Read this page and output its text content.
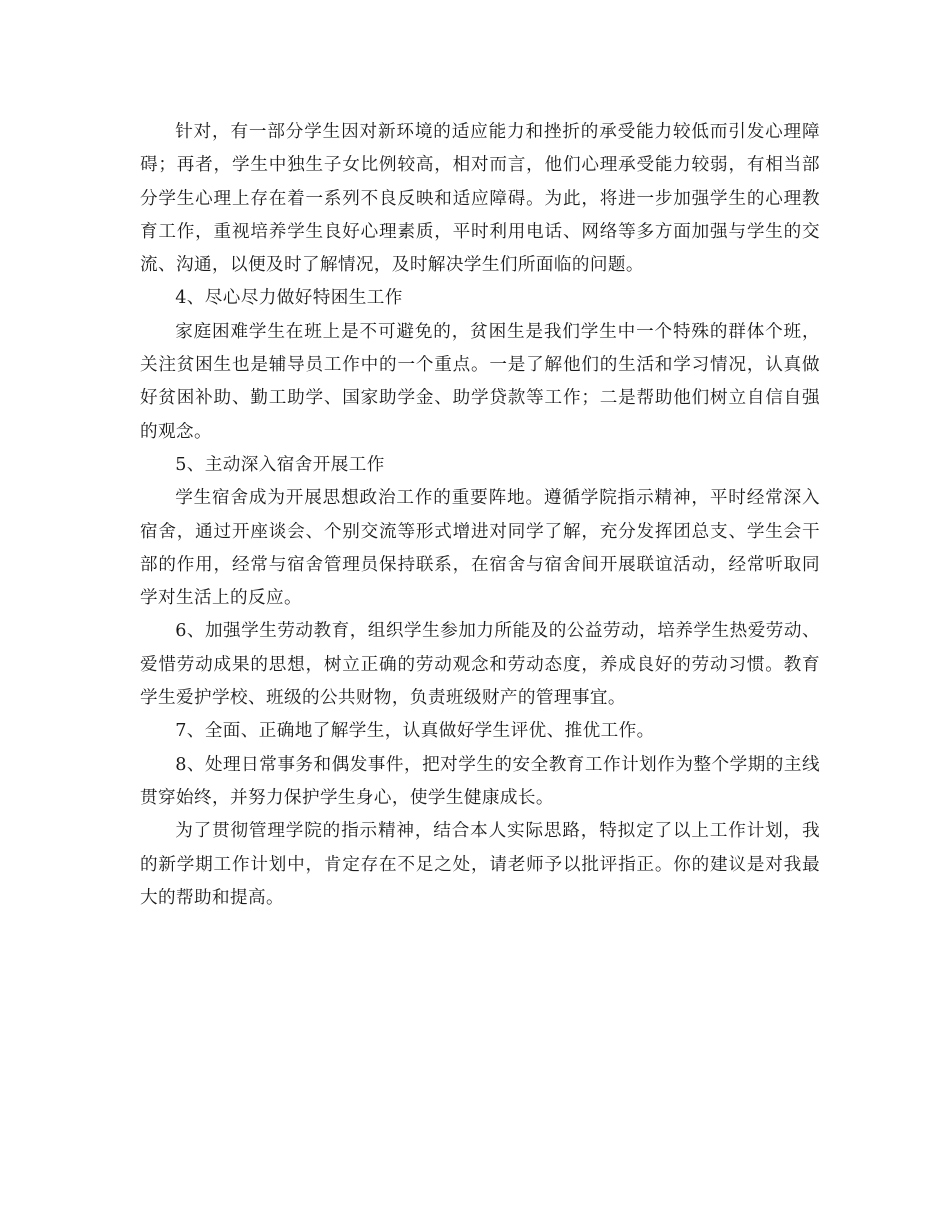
针对，有一部分学生因对新环境的适应能力和挫折的承受能力较低而引发心理障碍；再者，学生中独生子女比例较高，相对而言，他们心理承受能力较弱，有相当部分学生心理上存在着一系列不良反映和适应障碍。为此，将进一步加强学生的心理教育工作，重视培养学生良好心理素质，平时利用电话、网络等多方面加强与学生的交流、沟通，以便及时了解情况，及时解决学生们所面临的问题。

4、尽心尽力做好特困生工作

家庭困难学生在班上是不可避免的，贫困生是我们学生中一个特殊的群体个班，关注贫困生也是辅导员工作中的一个重点。一是了解他们的生活和学习情况，认真做好贫困补助、勤工助学、国家助学金、助学贷款等工作；二是帮助他们树立自信自强的观念。

5、主动深入宿舍开展工作

学生宿舍成为开展思想政治工作的重要阵地。遵循学院指示精神，平时经常深入宿舍，通过开座谈会、个别交流等形式增进对同学了解，充分发挥团总支、学生会干部的作用，经常与宿舍管理员保持联系，在宿舍与宿舍间开展联谊活动，经常听取同学对生活上的反应。

6、加强学生劳动教育，组织学生参加力所能及的公益劳动，培养学生热爱劳动、爱惜劳动成果的思想，树立正确的劳动观念和劳动态度，养成良好的劳动习惯。教育学生爱护学校、班级的公共财物，负责班级财产的管理事宜。

7、全面、正确地了解学生，认真做好学生评优、推优工作。

8、处理日常事务和偶发事件，把对学生的安全教育工作计划作为整个学期的主线贯穿始终，并努力保护学生身心，使学生健康成长。

为了贯彻管理学院的指示精神，结合本人实际思路，特拟定了以上工作计划，我的新学期工作计划中，肯定存在不足之处，请老师予以批评指正。你的建议是对我最大的帮助和提高。
